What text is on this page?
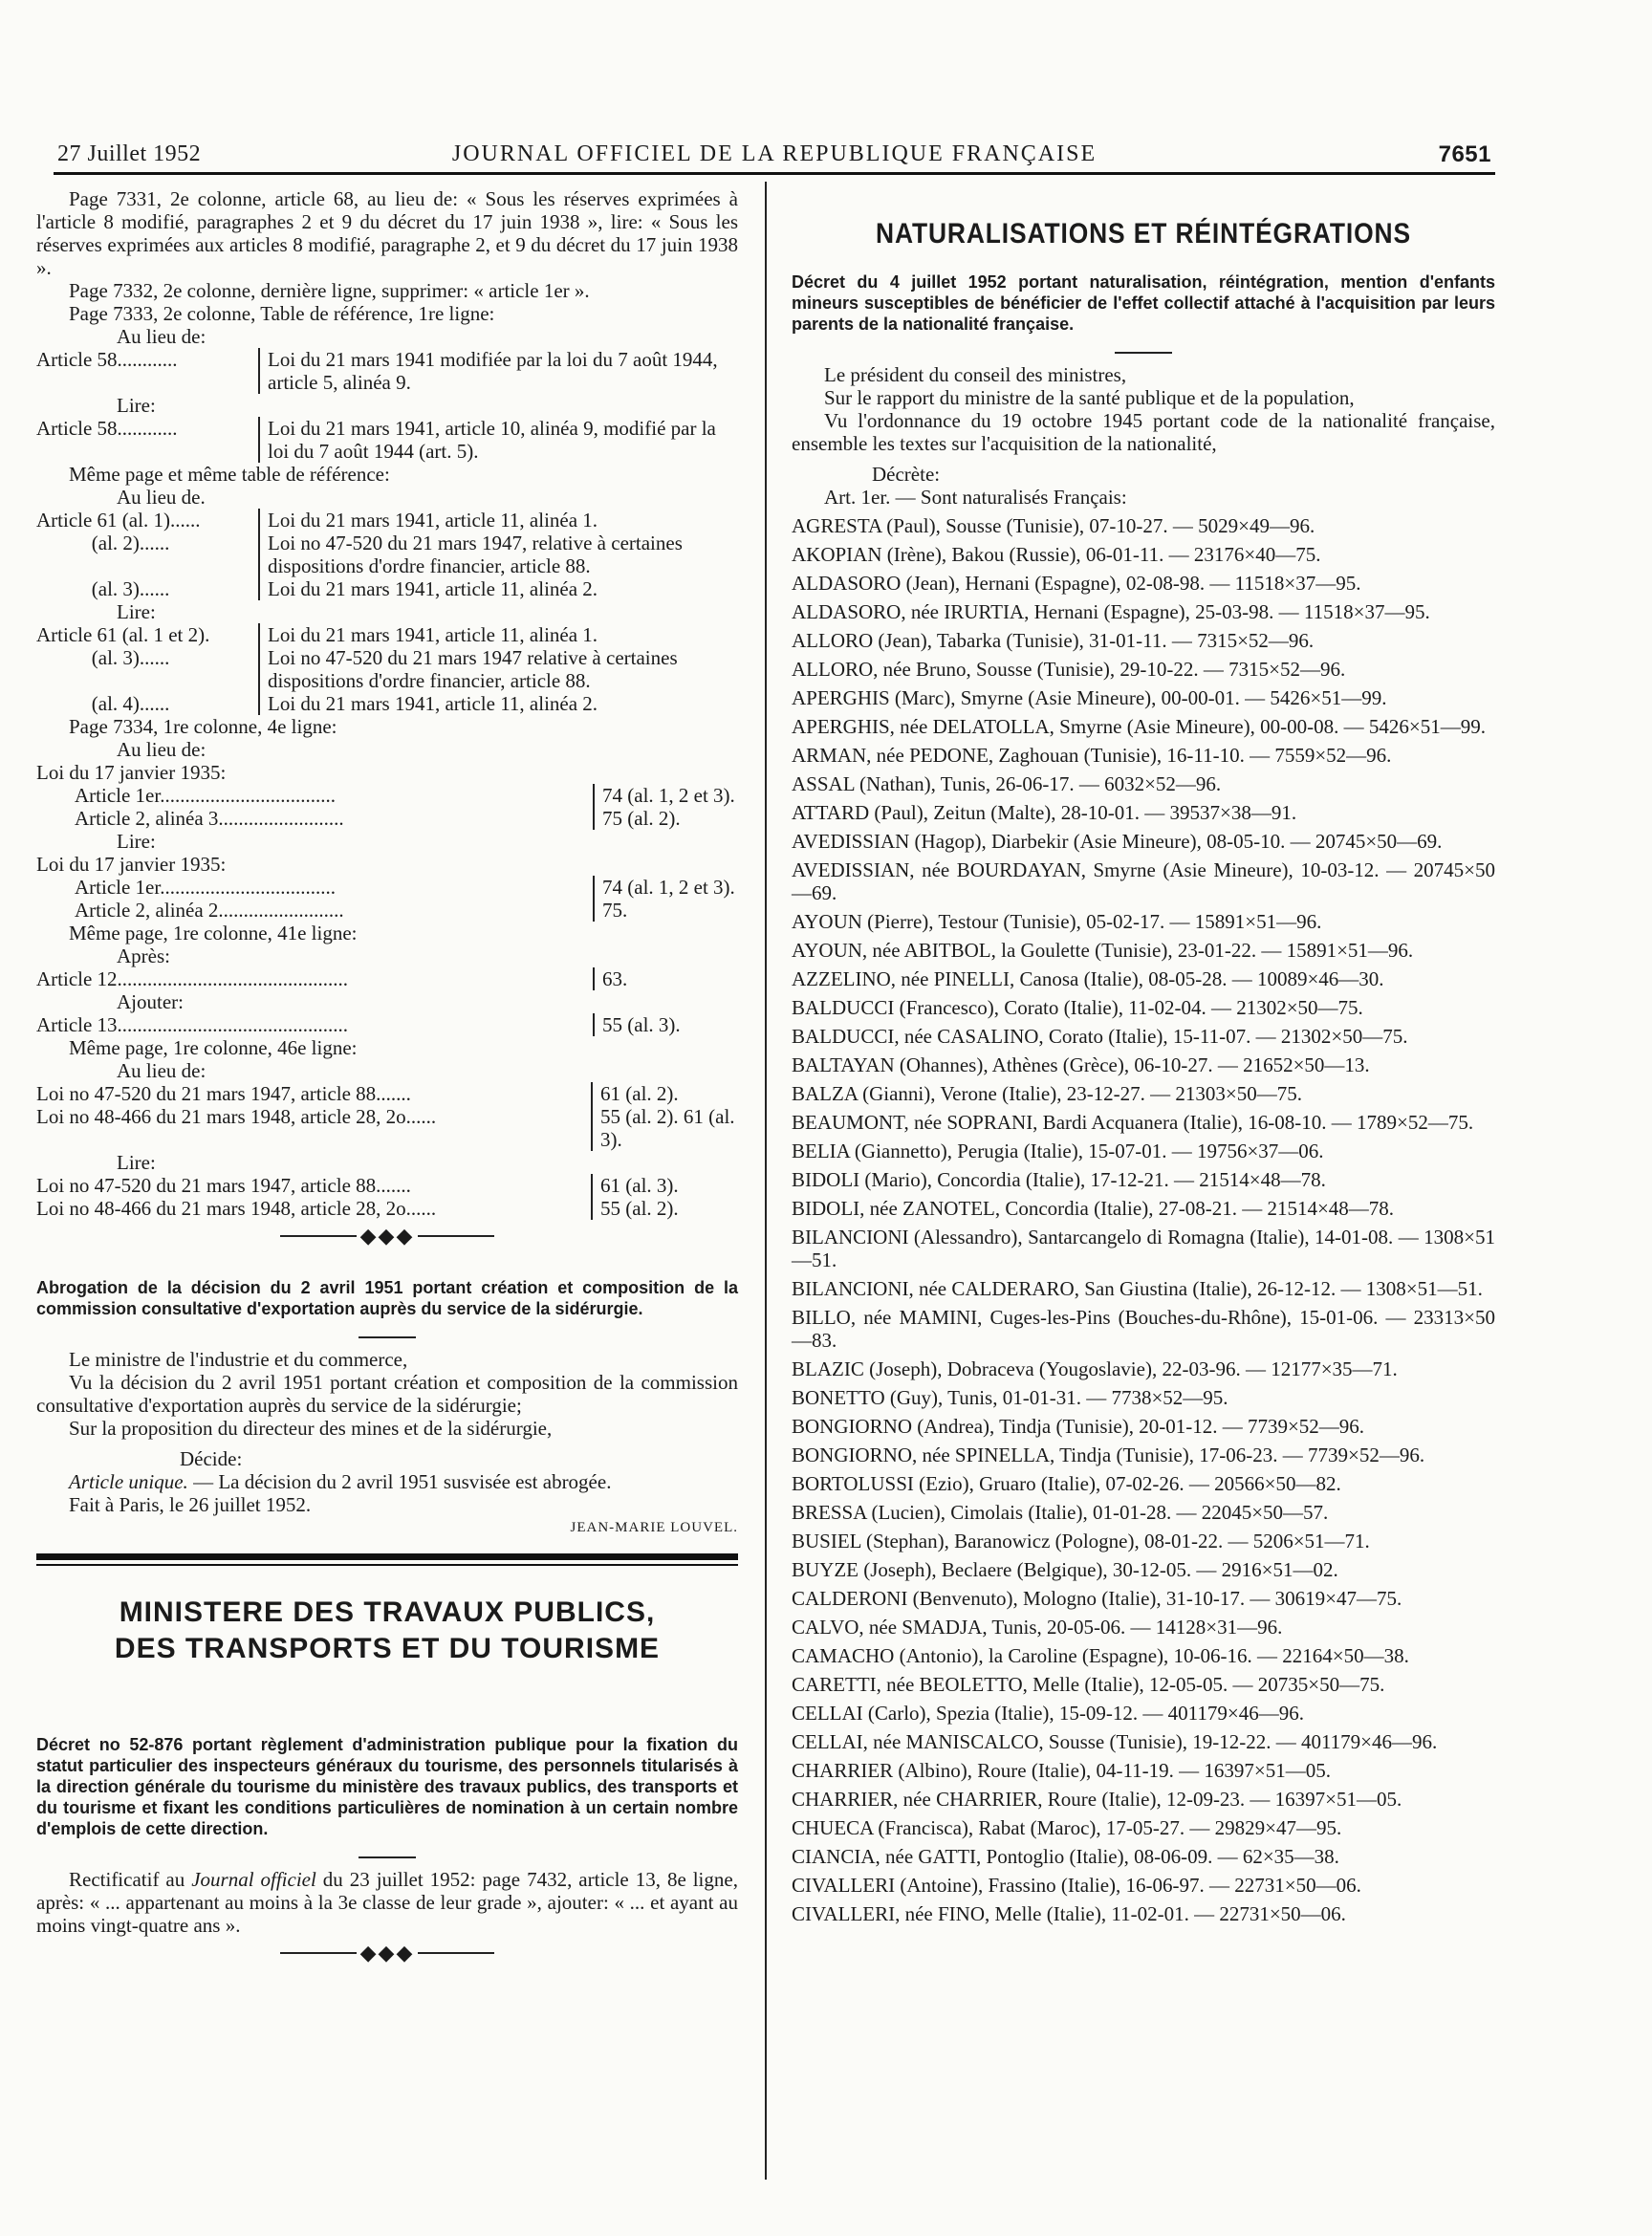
27 Juillet 1952	JOURNAL OFFICIEL DE LA REPUBLIQUE FRANÇAISE	7651

Page 7331, 2e colonne, article 68, au lieu de: « Sous les réserves exprimées à l'article 8 modifié, paragraphes 2 et 9 du décret du 17 juin 1938 », lire: « Sous les réserves exprimées aux articles 8 modifié, paragraphe 2, et 9 du décret du 17 juin 1938 ».

Page 7332, 2e colonne, dernière ligne, supprimer: « article 1er ».

Page 7333, 2e colonne, Table de référence, 1re ligne:

Au lieu de:

Article 58............	Loi du 21 mars 1941 modifiée par la loi du 7 août 1944, article 5, alinéa 9.

Lire:

Article 58............	Loi du 21 mars 1941, article 10, alinéa 9, modifié par la loi du 7 août 1944 (art. 5).

Même page et même table de référence:

Au lieu de.

Article 61 (al. 1)......	Loi du 21 mars 1941, article 11, alinéa 1.
(al. 2)......	Loi no 47-520 du 21 mars 1947, relative à certaines dispositions d'ordre financier, article 88.
(al. 3)......	Loi du 21 mars 1941, article 11, alinéa 2.

Lire:

Article 61 (al. 1 et 2).	Loi du 21 mars 1941, article 11, alinéa 1.
(al. 3)......	Loi no 47-520 du 21 mars 1947 relative à certaines dispositions d'ordre financier, article 88.
(al. 4)......	Loi du 21 mars 1941, article 11, alinéa 2.

Page 7334, 1re colonne, 4e ligne:

Au lieu de:

Loi du 17 janvier 1935:

Article 1er...................................	74 (al. 1, 2 et 3).
Article 2, alinéa 3.........................	75 (al. 2).

Lire:

Loi du 17 janvier 1935:

Article 1er...................................	74 (al. 1, 2 et 3).
Article 2, alinéa 2.........................	75.

Même page, 1re colonne, 41e ligne:

Après:

Article 12..............................................	63.

Ajouter:

Article 13..............................................	55 (al. 3).

Même page, 1re colonne, 46e ligne:

Au lieu de:

Loi no 47-520 du 21 mars 1947, article 88.......	61 (al. 2).
Loi no 48-466 du 21 mars 1948, article 28, 2o......	55 (al. 2). 61 (al. 3).

Lire:

Loi no 47-520 du 21 mars 1947, article 88.......	61 (al. 3).
Loi no 48-466 du 21 mars 1948, article 28, 2o......	55 (al. 2).
◆◆◆

Abrogation de la décision du 2 avril 1951 portant création et composition de la commission consultative d'exportation auprès du service de la sidérurgie.

Le ministre de l'industrie et du commerce,

Vu la décision du 2 avril 1951 portant création et composition de la commission consultative d'exportation auprès du service de la sidérurgie;

Sur la proposition du directeur des mines et de la sidérurgie,

Décide:

Article unique. — La décision du 2 avril 1951 susvisée est abrogée.

Fait à Paris, le 26 juillet 1952.

JEAN-MARIE LOUVEL.

MINISTERE DES TRAVAUX PUBLICS,
DES TRANSPORTS ET DU TOURISME

Décret no 52-876 portant règlement d'administration publique pour la fixation du statut particulier des inspecteurs généraux du tourisme, des personnels titularisés à la direction générale du tourisme du ministère des travaux publics, des transports et du tourisme et fixant les conditions particulières de nomination à un certain nombre d'emplois de cette direction.

Rectificatif au Journal officiel du 23 juillet 1952: page 7432, article 13, 8e ligne, après: « ... appartenant au moins à la 3e classe de leur grade », ajouter: « ... et ayant au moins vingt-quatre ans ».

◆◆◆
NATURALISATIONS ET RÉINTÉGRATIONS

Décret du 4 juillet 1952 portant naturalisation, réintégration, mention d'enfants mineurs susceptibles de bénéficier de l'effet collectif attaché à l'acquisition par leurs parents de la nationalité française.

Le président du conseil des ministres,

Sur le rapport du ministre de la santé publique et de la population,

Vu l'ordonnance du 19 octobre 1945 portant code de la nationalité française, ensemble les textes sur l'acquisition de la nationalité,

Décrète:

Art. 1er. — Sont naturalisés Français:

AGRESTA (Paul), Sousse (Tunisie), 07-10-27. — 5029×49—96.

AKOPIAN (Irène), Bakou (Russie), 06-01-11. — 23176×40—75.

ALDASORO (Jean), Hernani (Espagne), 02-08-98. — 11518×37—95.

ALDASORO, née IRURTIA, Hernani (Espagne), 25-03-98. — 11518×37—95.

ALLORO (Jean), Tabarka (Tunisie), 31-01-11. — 7315×52—96.

ALLORO, née Bruno, Sousse (Tunisie), 29-10-22. — 7315×52—96.

APERGHIS (Marc), Smyrne (Asie Mineure), 00-00-01. — 5426×51—99.

APERGHIS, née DELATOLLA, Smyrne (Asie Mineure), 00-00-08. — 5426×51—99.

ARMAN, née PEDONE, Zaghouan (Tunisie), 16-11-10. — 7559×52—96.

ASSAL (Nathan), Tunis, 26-06-17. — 6032×52—96.

ATTARD (Paul), Zeitun (Malte), 28-10-01. — 39537×38—91.

AVEDISSIAN (Hagop), Diarbekir (Asie Mineure), 08-05-10. — 20745×50—69.

AVEDISSIAN, née BOURDAYAN, Smyrne (Asie Mineure), 10-03-12. — 20745×50—69.

AYOUN (Pierre), Testour (Tunisie), 05-02-17. — 15891×51—96.

AYOUN, née ABITBOL, la Goulette (Tunisie), 23-01-22. — 15891×51—96.

AZZELINO, née PINELLI, Canosa (Italie), 08-05-28. — 10089×46—30.

BALDUCCI (Francesco), Corato (Italie), 11-02-04. — 21302×50—75.

BALDUCCI, née CASALINO, Corato (Italie), 15-11-07. — 21302×50—75.

BALTAYAN (Ohannes), Athènes (Grèce), 06-10-27. — 21652×50—13.

BALZA (Gianni), Verone (Italie), 23-12-27. — 21303×50—75.

BEAUMONT, née SOPRANI, Bardi Acquanera (Italie), 16-08-10. — 1789×52—75.

BELIA (Giannetto), Perugia (Italie), 15-07-01. — 19756×37—06.

BIDOLI (Mario), Concordia (Italie), 17-12-21. — 21514×48—78.

BIDOLI, née ZANOTEL, Concordia (Italie), 27-08-21. — 21514×48—78.

BILANCIONI (Alessandro), Santarcangelo di Romagna (Italie), 14-01-08. — 1308×51—51.

BILANCIONI, née CALDERARO, San Giustina (Italie), 26-12-12. — 1308×51—51.

BILLO, née MAMINI, Cuges-les-Pins (Bouches-du-Rhône), 15-01-06. — 23313×50—83.

BLAZIC (Joseph), Dobraceva (Yougoslavie), 22-03-96. — 12177×35—71.

BONETTO (Guy), Tunis, 01-01-31. — 7738×52—95.

BONGIORNO (Andrea), Tindja (Tunisie), 20-01-12. — 7739×52—96.

BONGIORNO, née SPINELLA, Tindja (Tunisie), 17-06-23. — 7739×52—96.

BORTOLUSSI (Ezio), Gruaro (Italie), 07-02-26. — 20566×50—82.

BRESSA (Lucien), Cimolais (Italie), 01-01-28. — 22045×50—57.

BUSIEL (Stephan), Baranowicz (Pologne), 08-01-22. — 5206×51—71.

BUYZE (Joseph), Beclaere (Belgique), 30-12-05. — 2916×51—02.

CALDERONI (Benvenuto), Mologno (Italie), 31-10-17. — 30619×47—75.

CALVO, née SMADJA, Tunis, 20-05-06. — 14128×31—96.

CAMACHO (Antonio), la Caroline (Espagne), 10-06-16. — 22164×50—38.

CARETTI, née BEOLETTO, Melle (Italie), 12-05-05. — 20735×50—75.

CELLAI (Carlo), Spezia (Italie), 15-09-12. — 401179×46—96.

CELLAI, née MANISCALCO, Sousse (Tunisie), 19-12-22. — 401179×46—96.

CHARRIER (Albino), Roure (Italie), 04-11-19. — 16397×51—05.

CHARRIER, née CHARRIER, Roure (Italie), 12-09-23. — 16397×51—05.

CHUECA (Francisca), Rabat (Maroc), 17-05-27. — 29829×47—95.

CIANCIA, née GATTI, Pontoglio (Italie), 08-06-09. — 62×35—38.

CIVALLERI (Antoine), Frassino (Italie), 16-06-97. — 22731×50—06.

CIVALLERI, née FINO, Melle (Italie), 11-02-01. — 22731×50—06.
